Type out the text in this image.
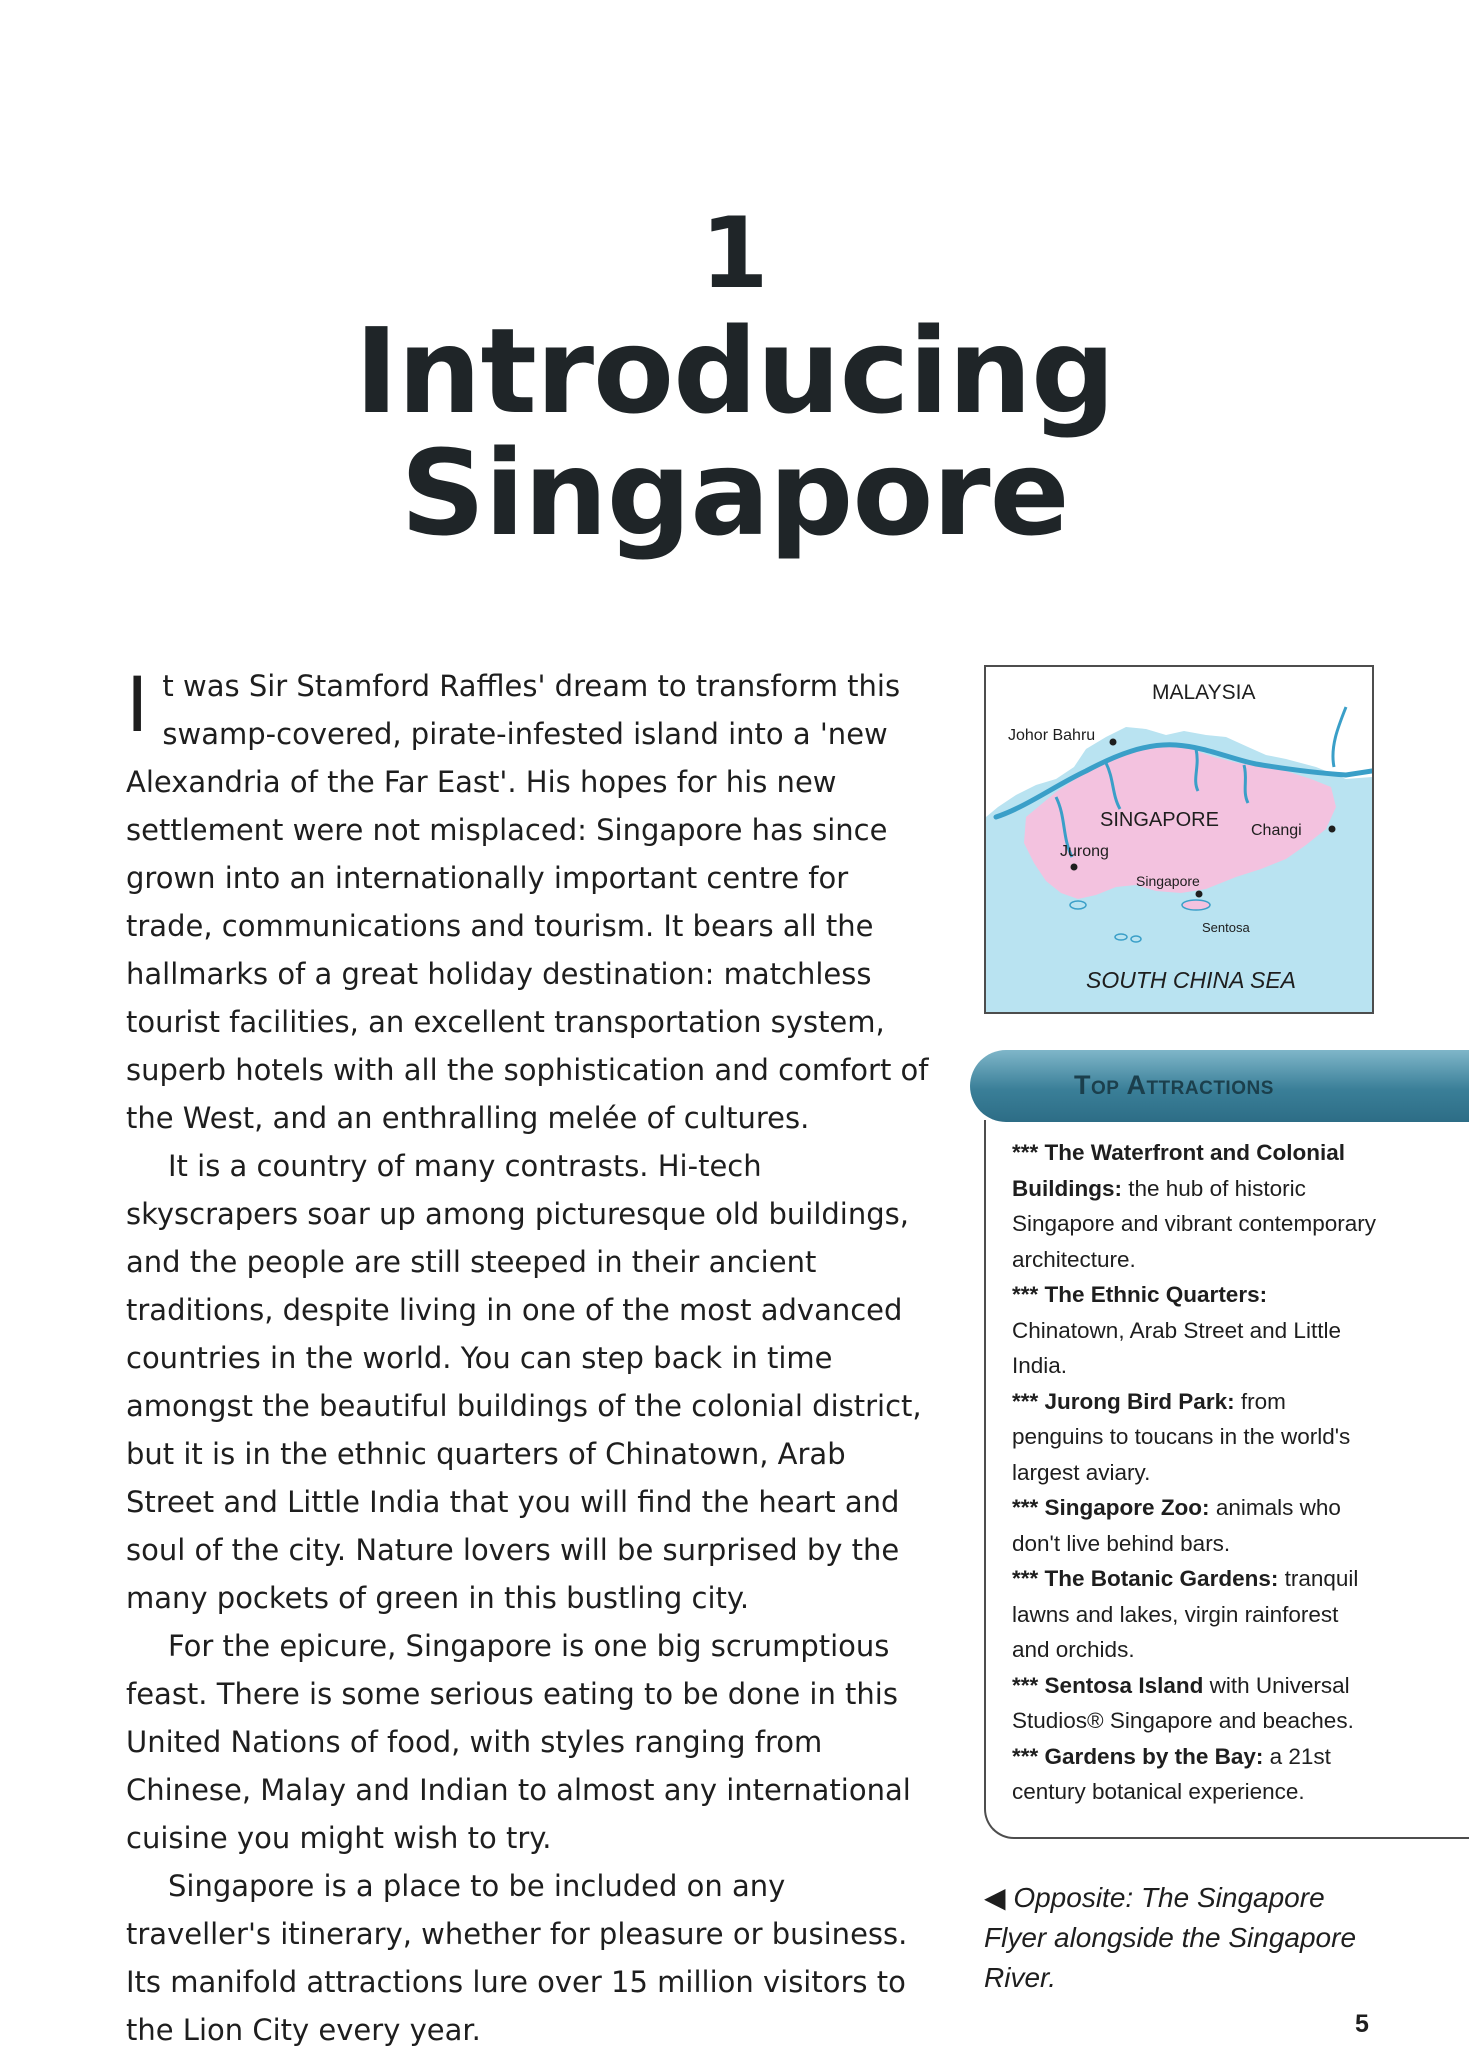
1
Introducing
Singapore

It was Sir Stamford Raffles' dream to transform this swamp-covered, pirate-infested island into a 'new Alexandria of the Far East'. His hopes for his new settlement were not misplaced: Singapore has since grown into an internationally important centre for trade, communications and tourism. It bears all the hallmarks of a great holiday destination: matchless tourist facilities, an excellent transportation system, superb hotels with all the sophistication and comfort of the West, and an enthralling melée of cultures.

It is a country of many contrasts. Hi-tech skyscrapers soar up among picturesque old buildings, and the people are still steeped in their ancient traditions, despite living in one of the most advanced countries in the world. You can step back in time amongst the beautiful buildings of the colonial district, but it is in the ethnic quarters of Chinatown, Arab Street and Little India that you will find the heart and soul of the city. Nature lovers will be surprised by the many pockets of green in this bustling city.

For the epicure, Singapore is one big scrumptious feast. There is some serious eating to be done in this United Nations of food, with styles ranging from Chinese, Malay and Indian to almost any international cuisine you might wish to try.

Singapore is a place to be included on any traveller's itinerary, whether for pleasure or business. Its manifold attractions lure over 15 million visitors to the Lion City every year.

MALAYSIA
Johor Bahru
SINGAPORE Changi
Jurong
Singapore
Sentosa
SOUTH CHINA SEA
Top Attractions
*** The Waterfront and Colonial Buildings: the hub of historic Singapore and vibrant contemporary architecture.
*** The Ethnic Quarters: Chinatown, Arab Street and Little India.
*** Jurong Bird Park: from penguins to toucans in the world's largest aviary.
*** Singapore Zoo: animals who don't live behind bars.
*** The Botanic Gardens: tranquil lawns and lakes, virgin rainforest and orchids.
*** Sentosa Island with Universal Studios® Singapore and beaches.
*** Gardens by the Bay: a 21st century botanical experience.
◀ Opposite: The Singapore Flyer alongside the Singapore River.
5
